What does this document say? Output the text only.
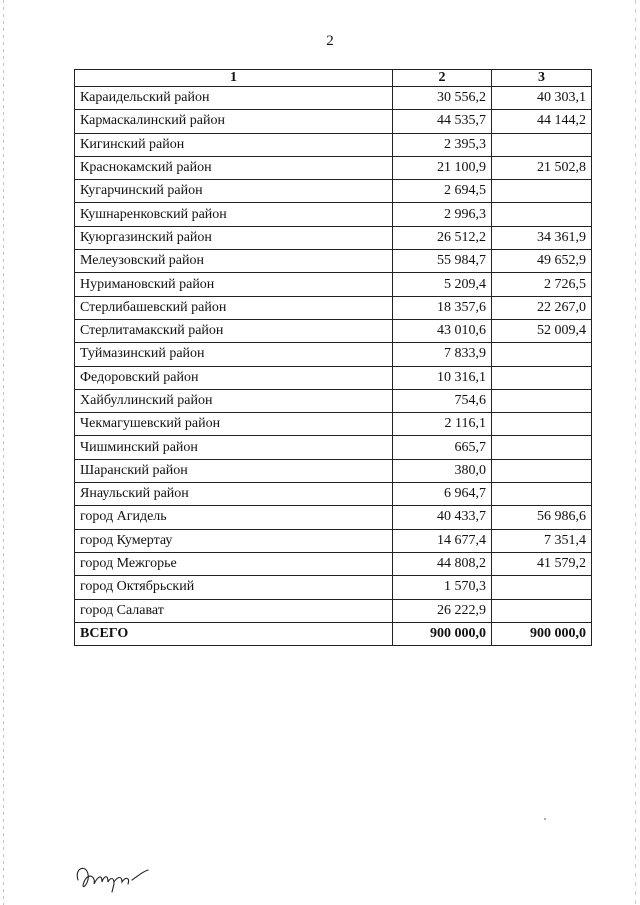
2
1	2	3
Караидельский район	30 556,2	40 303,1
Кармаскалинский район	44 535,7	44 144,2
Кигинский район	2 395,3	
Краснокамский район	21 100,9	21 502,8
Кугарчинский район	2 694,5	
Кушнаренковский район	2 996,3	
Куюргазинский район	26 512,2	34 361,9
Мелеузовский район	55 984,7	49 652,9
Нуримановский район	5 209,4	2 726,5
Стерлибашевский район	18 357,6	22 267,0
Стерлитамакский район	43 010,6	52 009,4
Туймазинский район	7 833,9	
Федоровский район	10 316,1	
Хайбуллинский район	754,6	
Чекмагушевский район	2 116,1	
Чишминский район	665,7	
Шаранский район	380,0	
Янаульский район	6 964,7	
город Агидель	40 433,7	56 986,6
город Кумертау	14 677,4	7 351,4
город Межгорье	44 808,2	41 579,2
город Октябрьский	1 570,3	
город Салават	26 222,9	
ВСЕГО	900 000,0	900 000,0
